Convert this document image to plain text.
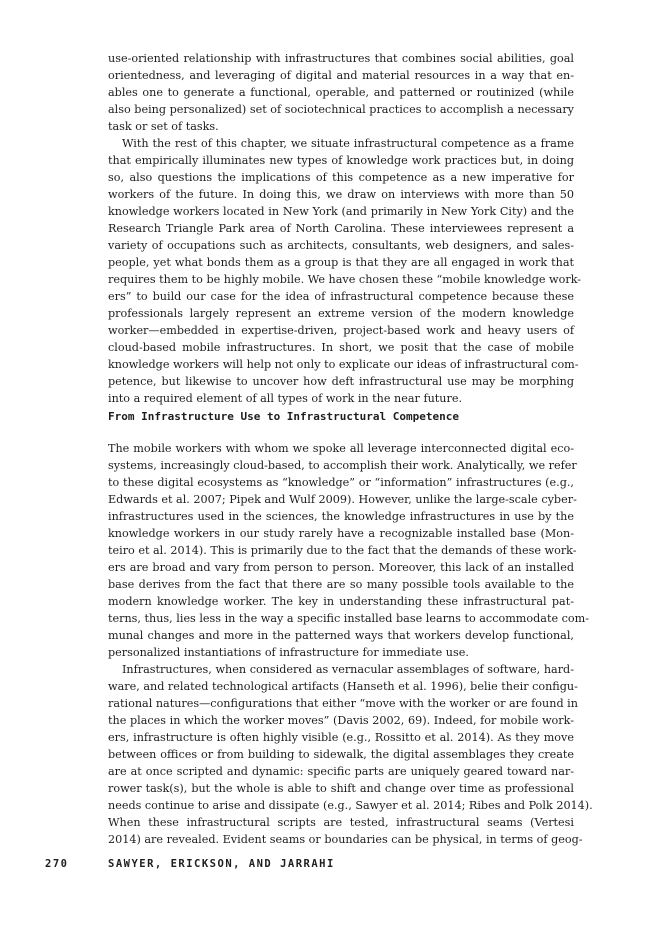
use-oriented relationship with infrastructures that combines social abilities, goal
orientedness, and leveraging of digital and material resources in a way that en-
ables one to generate a functional, operable, and patterned or routinized (while
also being personalized) set of sociotechnical practices to accomplish a necessary
task or set of tasks.
With the rest of this chapter, we situate infrastructural competence as a frame
that empirically illuminates new types of knowledge work practices but, in doing
so, also questions the implications of this competence as a new imperative for
workers of the future. In doing this, we draw on interviews with more than 50
knowledge workers located in New York (and primarily in New York City) and the
Research Triangle Park area of North Carolina. These interviewees represent a
variety of occupations such as architects, consultants, web designers, and sales-
people, yet what bonds them as a group is that they are all engaged in work that
requires them to be highly mobile. We have chosen these “mobile knowledge work-
ers” to build our case for the idea of infrastructural competence because these
professionals largely represent an extreme version of the modern knowledge
worker—embedded in expertise-driven, project-based work and heavy users of
cloud-based mobile infrastructures. In short, we posit that the case of mobile
knowledge workers will help not only to explicate our ideas of infrastructural com-
petence, but likewise to uncover how deft infrastructural use may be morphing
into a required element of all types of work in the near future.
From Infrastructure Use to Infrastructural Competence
The mobile workers with whom we spoke all leverage interconnected digital eco-
systems, increasingly cloud-based, to accomplish their work. Analytically, we refer
to these digital ecosystems as “knowledge” or “information” infrastructures (e.g.,
Edwards et al. 2007; Pipek and Wulf 2009). However, unlike the large-scale cyber-
infrastructures used in the sciences, the knowledge infrastructures in use by the
knowledge workers in our study rarely have a recognizable installed base (Mon-
teiro et al. 2014). This is primarily due to the fact that the demands of these work-
ers are broad and vary from person to person. Moreover, this lack of an installed
base derives from the fact that there are so many possible tools available to the
modern knowledge worker. The key in understanding these infrastructural pat-
terns, thus, lies less in the way a specific installed base learns to accommodate com-
munal changes and more in the patterned ways that workers develop functional,
personalized instantiations of infrastructure for immediate use.
Infrastructures, when considered as vernacular assemblages of software, hard-
ware, and related technological artifacts (Hanseth et al. 1996), belie their configu-
rational natures—configurations that either “move with the worker or are found in
the places in which the worker moves” (Davis 2002, 69). Indeed, for mobile work-
ers, infrastructure is often highly visible (e.g., Rossitto et al. 2014). As they move
between offices or from building to sidewalk, the digital assemblages they create
are at once scripted and dynamic: specific parts are uniquely geared toward nar-
rower task(s), but the whole is able to shift and change over time as professional
needs continue to arise and dissipate (e.g., Sawyer et al. 2014; Ribes and Polk 2014).
When these infrastructural scripts are tested, infrastructural seams (Vertesi
2014) are revealed. Evident seams or boundaries can be physical, in terms of geog-
270	SAWYER, ERICKSON, AND JARRAHI
